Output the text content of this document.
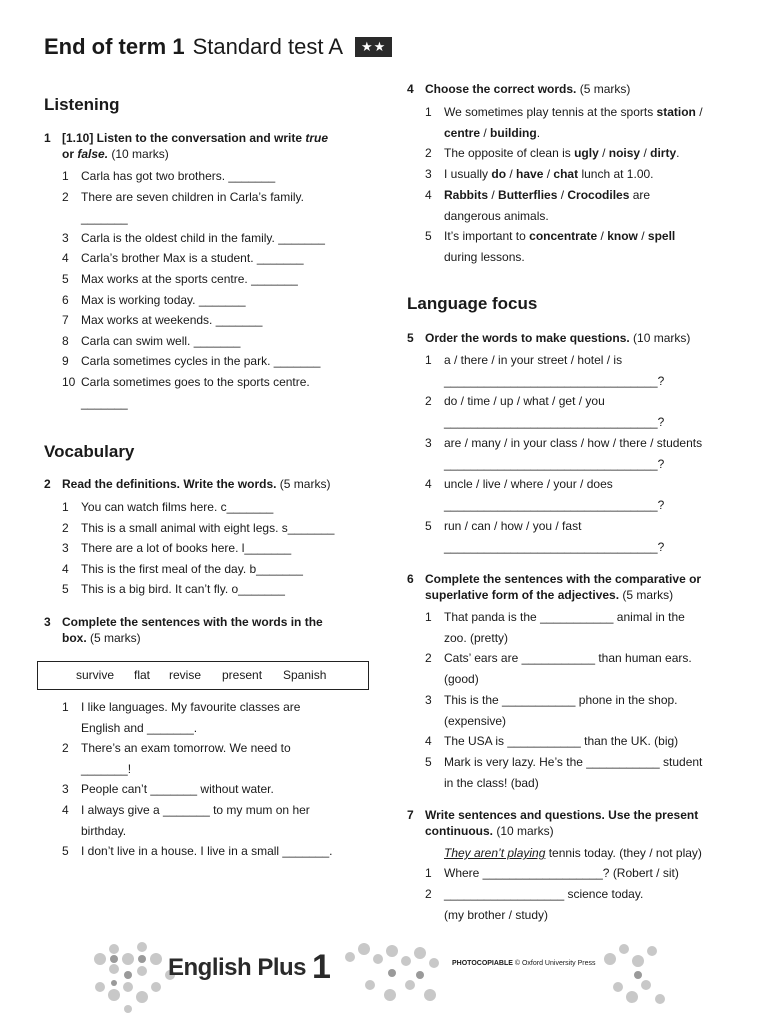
End of term 1 Standard test A ★★
Listening
1 [1.10] Listen to the conversation and write true
or false. (10 marks)
1 Carla has got two brothers. _______
2 There are seven children in Carla’s family.
_______
3 Carla is the oldest child in the family. _______
4 Carla’s brother Max is a student. _______
5 Max works at the sports centre. _______
6 Max is working today. _______
7 Max works at weekends. _______
8 Carla can swim well. _______
9 Carla sometimes cycles in the park. _______
10 Carla sometimes goes to the sports centre.
_______
Vocabulary
2 Read the definitions. Write the words. (5 marks)
1 You can watch films here. c_______
2 This is a small animal with eight legs. s_______
3 There are a lot of books here. l_______
4 This is the first meal of the day. b_______
5 This is a big bird. It can’t fly. o_______
3 Complete the sentences with the words in the
box. (5 marks)
survive flat revise present Spanish
1 I like languages. My favourite classes are
English and _______.
2 There’s an exam tomorrow. We need to
_______!
3 People can’t _______ without water.
4 I always give a _______ to my mum on her
birthday.
5 I don’t live in a house. I live in a small _______.
4 Choose the correct words. (5 marks)
1 We sometimes play tennis at the sports station /
centre / building.
2 The opposite of clean is ugly / noisy / dirty.
3 I usually do / have / chat lunch at 1.00.
4 Rabbits / Butterflies / Crocodiles are
dangerous animals.
5 It’s important to concentrate / know / spell
during lessons.
Language focus
5 Order the words to make questions. (10 marks)
1 a / there / in your street / hotel / is
________________________________?
2 do / time / up / what / get / you
________________________________?
3 are / many / in your class / how / there / students
________________________________?
4 uncle / live / where / your / does
________________________________?
5 run / can / how / you / fast
________________________________?
6 Complete the sentences with the comparative or
superlative form of the adjectives. (5 marks)
1 That panda is the ___________ animal in the
zoo. (pretty)
2 Cats’ ears are ___________ than human ears.
(good)
3 This is the ___________ phone in the shop.
(expensive)
4 The USA is ___________ than the UK. (big)
5 Mark is very lazy. He’s the ___________ student
in the class! (bad)
7 Write sentences and questions. Use the present
continuous. (10 marks)
They aren’t playing tennis today. (they / not play)
1 Where __________________? (Robert / sit)
2 __________________ science today.
(my brother / study)
English Plus 1	PHOTOCOPIABLE © Oxford University Press
